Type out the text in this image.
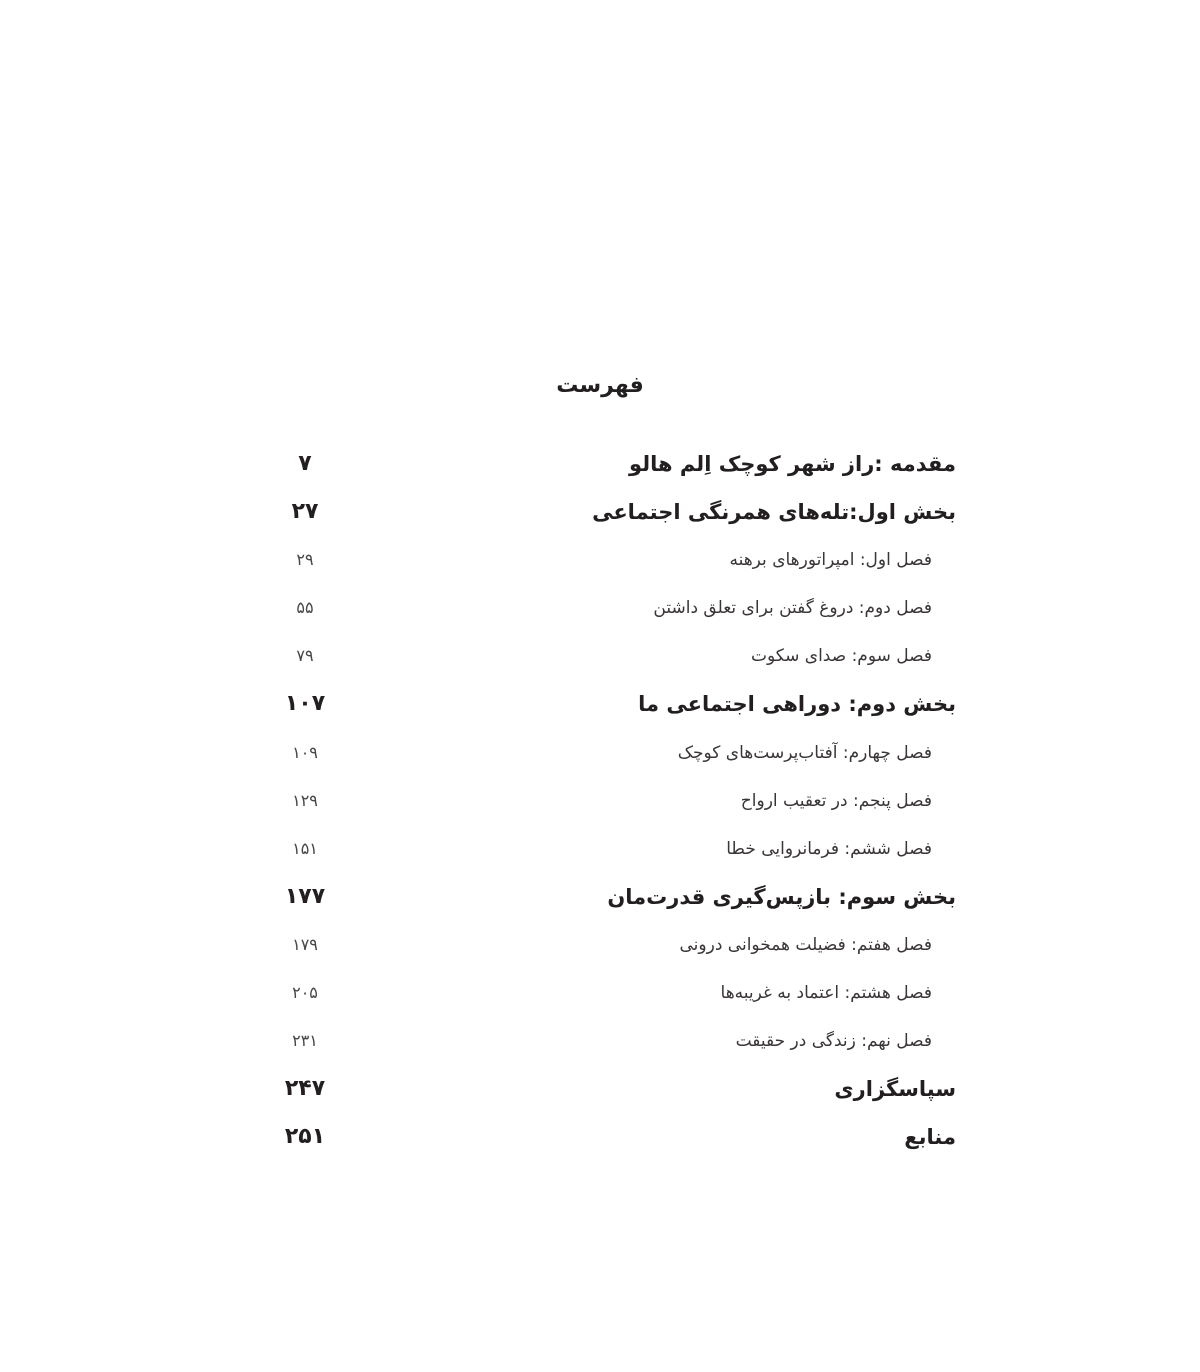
فهرست
مقدمه :راز شهر کوچک اِلم هالو
۷
بخش اول:تله‌های همرنگی اجتماعی
۲۷
فصل اول: امپراتورهای برهنه
۲۹
فصل دوم: دروغ گفتن برای تعلق داشتن
۵۵
فصل سوم: صدای سکوت
۷۹
بخش دوم: دوراهی اجتماعی ما
۱۰۷
فصل چهارم: آفتاب‌پرست‌های کوچک
۱۰۹
فصل پنجم: در تعقیب ارواح
۱۲۹
فصل ششم: فرمانروایی خطا
۱۵۱
بخش سوم: بازپس‌گیری قدرت‌مان
۱۷۷
فصل هفتم: فضیلت همخوانی درونی
۱۷۹
فصل هشتم: اعتماد به غریبه‌ها
۲۰۵
فصل نهم: زندگی در حقیقت
۲۳۱
سپاسگزاری
۲۴۷
منابع
۲۵۱
